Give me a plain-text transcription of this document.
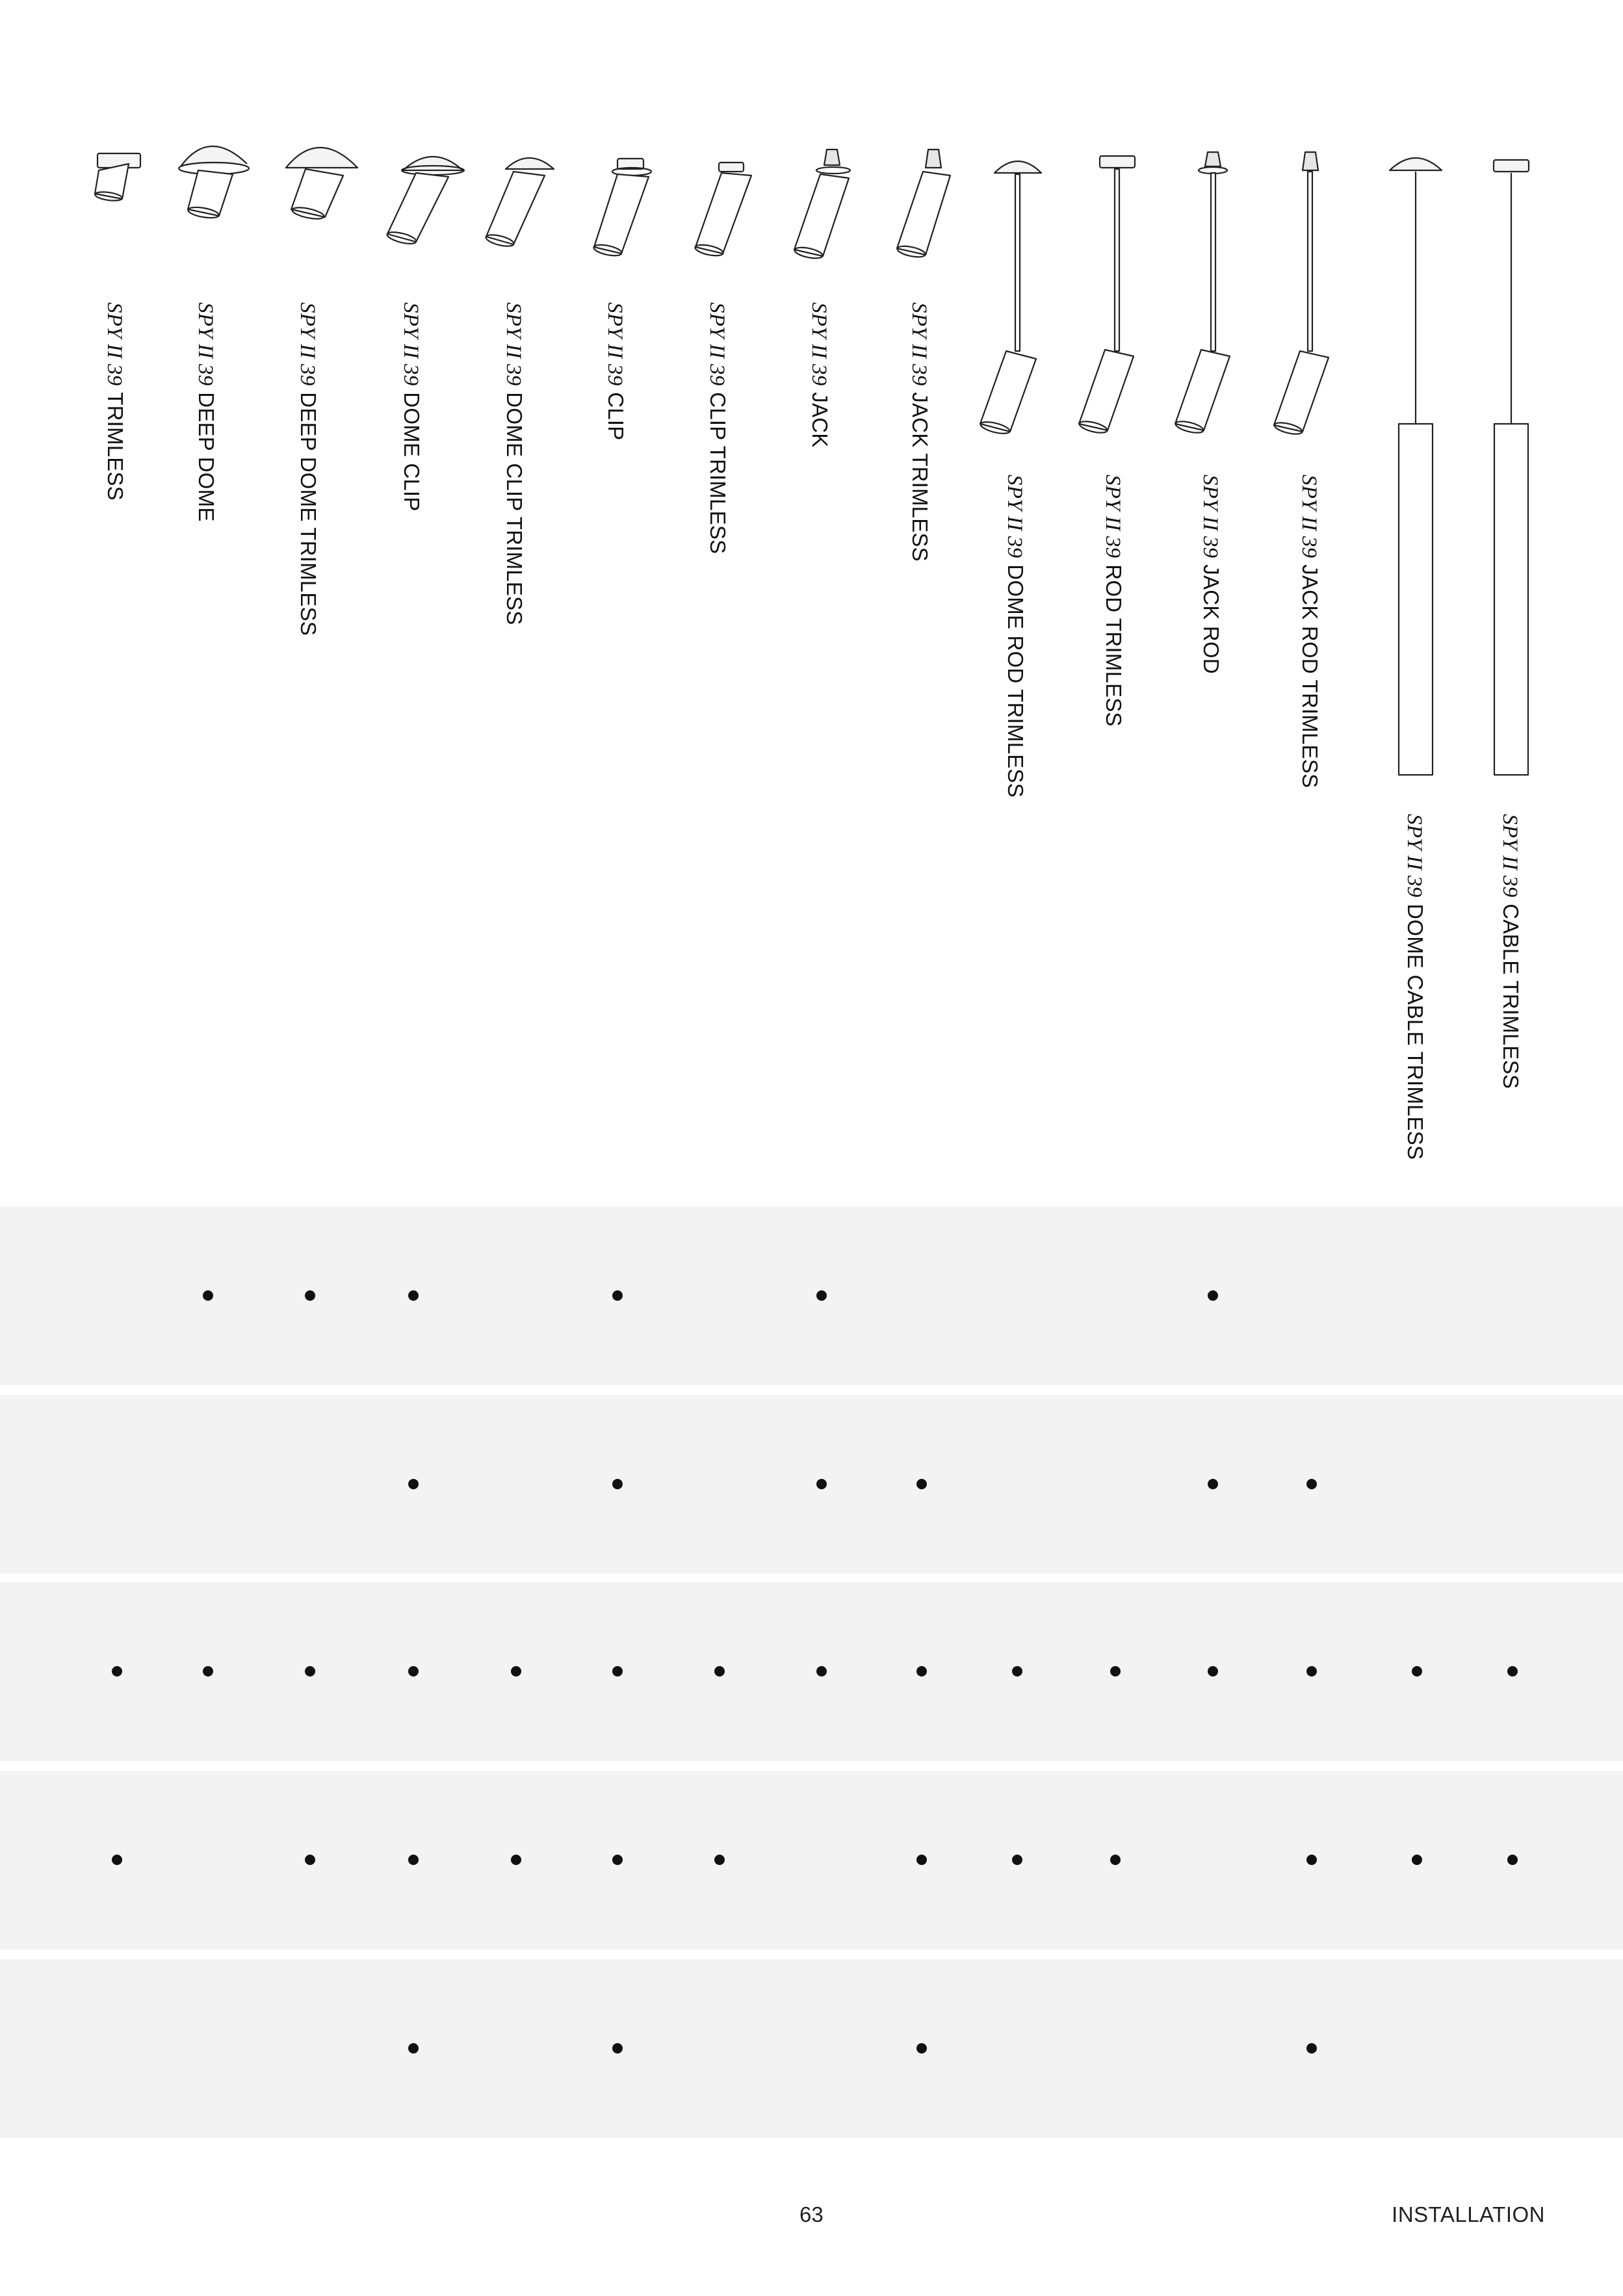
SPY II 39TRIMLESS
SPY II 39DEEP DOME
SPY II 39DEEP DOME TRIMLESS
SPY II 39DOME CLIP
SPY II 39DOME CLIP TRIMLESS
SPY II 39CLIP
SPY II 39CLIP TRIMLESS
SPY II 39JACK
SPY II 39JACK TRIMLESS	SPY II 39DOME ROD TRIMLESS
SPY II 39ROD TRIMLESS
SPY II 39JACK ROD
SPY II 39JACK ROD TRIMLESS
SPY II 39DOME CABLE TRIMLESS
SPY II 39CABLE TRIMLESS
63	INSTALLATION
